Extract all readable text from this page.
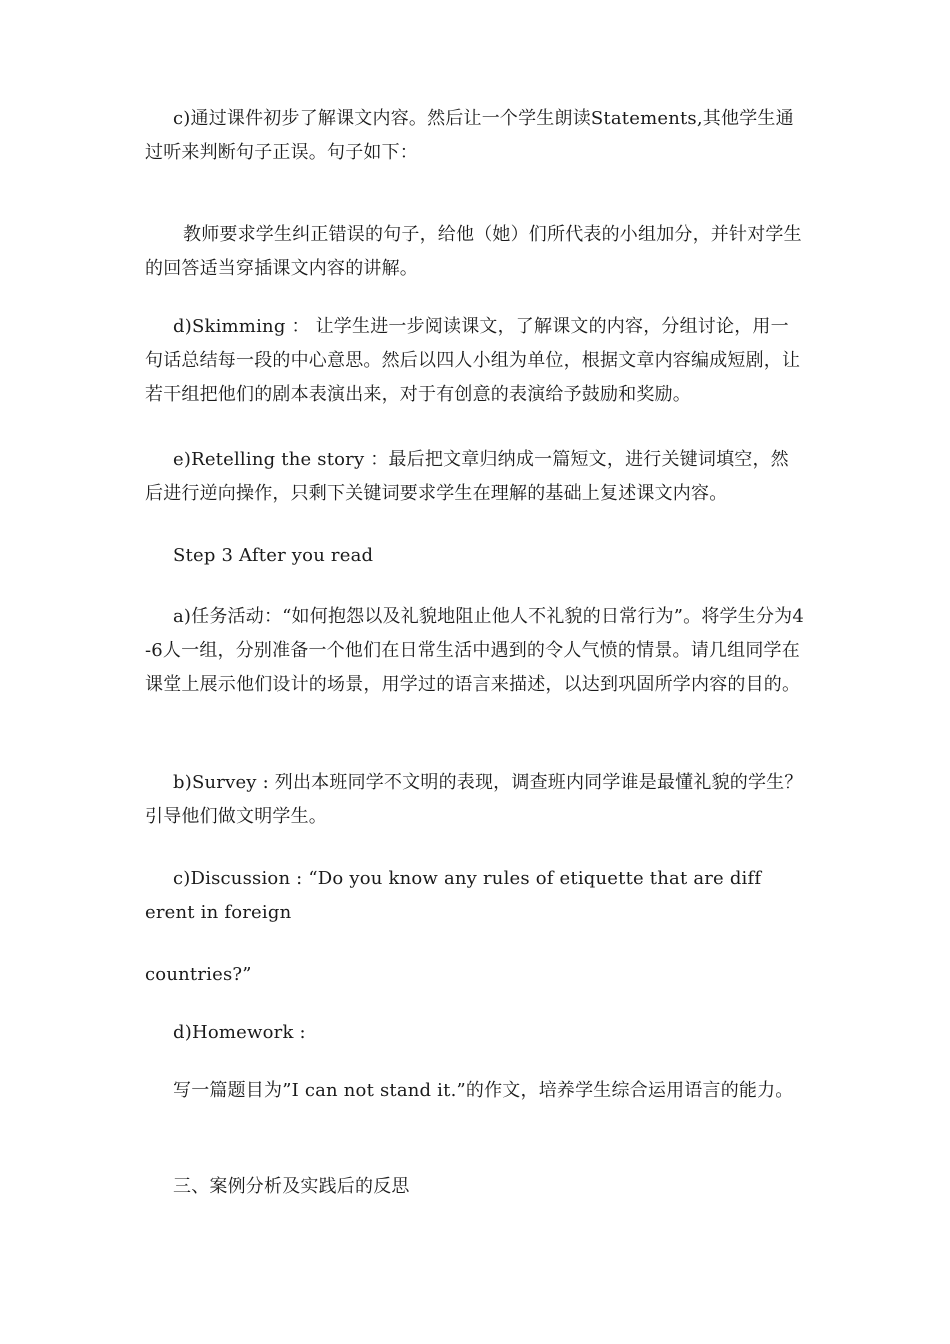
c)通过课件初步了解课文内容。然后让一个学生朗读Statements,其他学生通过听来判断句子正误。句子如下：

教师要求学生纠正错误的句子，给他（她）们所代表的小组加分，并针对学生的回答适当穿插课文内容的讲解。

d)Skimming ： 让学生进一步阅读课文，了解课文的内容，分组讨论，用一句话总结每一段的中心意思。然后以四人小组为单位，根据文章内容编成短剧，让若干组把他们的剧本表演出来，对于有创意的表演给予鼓励和奖励。

e)Retelling the story ：最后把文章归纳成一篇短文，进行关键词填空，然后进行逆向操作，只剩下关键词要求学生在理解的基础上复述课文内容。

Step 3 After you read

a)任务活动：“如何抱怨以及礼貌地阻止他人不礼貌的日常行为”。将学生分为4-6人一组，分别准备一个他们在日常生活中遇到的令人气愤的情景。请几组同学在课堂上展示他们设计的场景，用学过的语言来描述，以达到巩固所学内容的目的。

b)Survey : 列出本班同学不文明的表现，调查班内同学谁是最懂礼貌的学生？引导他们做文明学生。

c)Discussion : “Do you know any rules of etiquette that are different in foreign

countries?”

d)Homework :

写一篇题目为”I can not stand it.”的作文，培养学生综合运用语言的能力。

三、案例分析及实践后的反思
